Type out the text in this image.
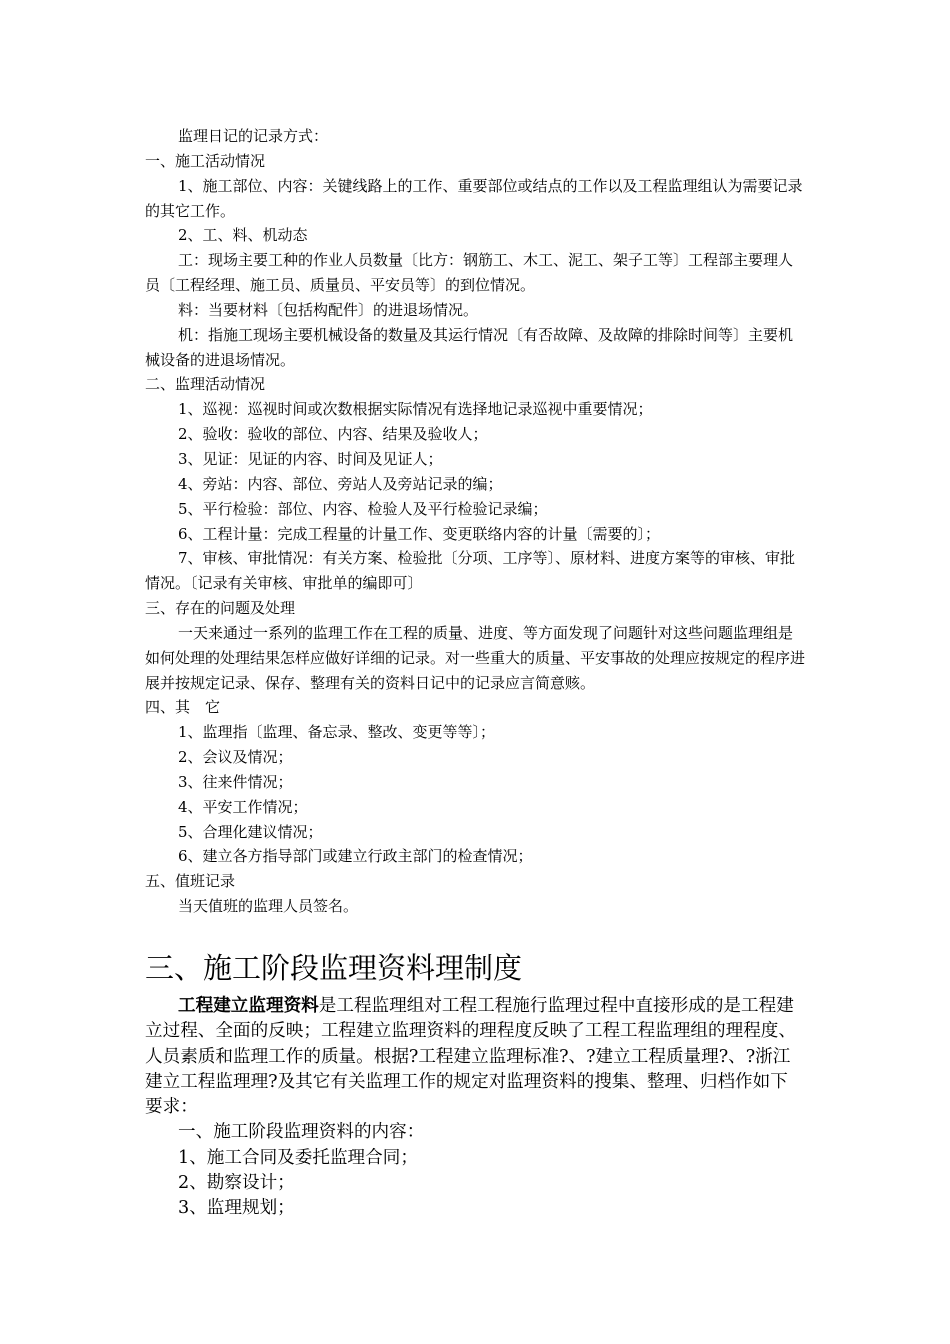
监理日记的记录方式：

一、施工活动情况

1、施工部位、内容：关键线路上的工作、重要部位或结点的工作以及工程监理组认为需要记录的其它工作。

2、工、料、机动态

工：现场主要工种的作业人员数量〔比方：钢筋工、木工、泥工、架子工等〕工程部主要理人员〔工程经理、施工员、质量员、平安员等〕的到位情况。

料：当要材料〔包括构配件〕的进退场情况。

机：指施工现场主要机械设备的数量及其运行情况〔有否故障、及故障的排除时间等〕主要机械设备的进退场情况。

二、监理活动情况

1、巡视：巡视时间或次数根据实际情况有选择地记录巡视中重要情况；

2、验收：验收的部位、内容、结果及验收人；

3、见证：见证的内容、时间及见证人；

4、旁站：内容、部位、旁站人及旁站记录的编；

5、平行检验：部位、内容、检验人及平行检验记录编；

6、工程计量：完成工程量的计量工作、变更联络内容的计量〔需要的〕；

7、审核、审批情况：有关方案、检验批〔分项、工序等〕、原材料、进度方案等的审核、审批情况。〔记录有关审核、审批单的编即可〕

三、存在的问题及处理

一天来通过一系列的监理工作在工程的质量、进度、等方面发现了问题针对这些问题监理组是如何处理的处理结果怎样应做好详细的记录。对一些重大的质量、平安事故的处理应按规定的程序进展并按规定记录、保存、整理有关的资料日记中的记录应言简意赅。

四、其　它

1、监理指〔监理、备忘录、整改、变更等等〕；

2、会议及情况；

3、往来件情况；

4、平安工作情况；

5、合理化建议情况；

6、建立各方指导部门或建立行政主部门的检查情况；

五、值班记录

当天值班的监理人员签名。

三、施工阶段监理资料理制度

工程建立监理资料是工程监理组对工程工程施行监理过程中直接形成的是工程建立过程、全面的反映；工程建立监理资料的理程度反映了工程工程监理组的理程度、人员素质和监理工作的质量。根据?工程建立监理标准?、?建立工程质量理?、?浙江建立工程监理理?及其它有关监理工作的规定对监理资料的搜集、整理、归档作如下要求：

一、施工阶段监理资料的内容：

1、施工合同及委托监理合同；

2、勘察设计；

3、监理规划；
